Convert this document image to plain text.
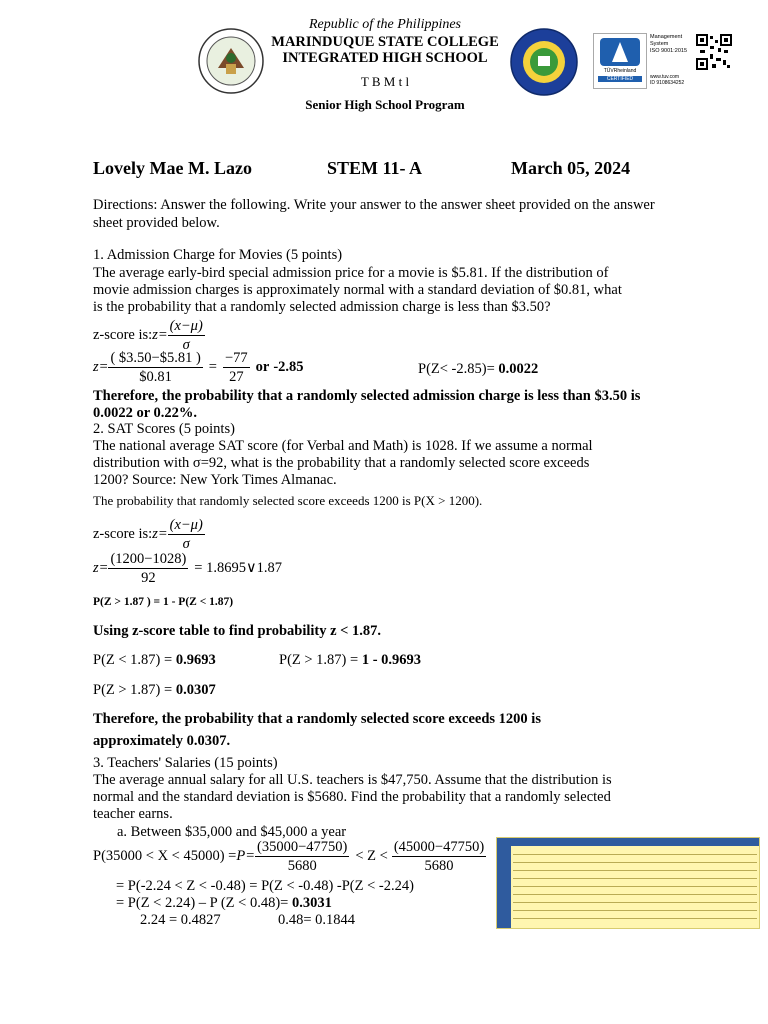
Republic of the Philippines
MARINDUQUE STATE COLLEGE
INTEGRATED HIGH SCHOOL
T B M t l
Senior High School Program
TÜVRheinland
CERTIFIED
Management
System
ISO 9001:2015
www.tuv.com
ID 9108634252
Lovely Mae M. Lazo	STEM 11- A	March 05, 2024
Directions: Answer the following. Write your answer to the answer sheet provided on the answer sheet provided below.
1. Admission Charge for Movies (5 points)
The average early-bird special admission price for a movie is $5.81. If the distribution of
movie admission charges is approximately normal with a standard deviation of $0.81, what
is the probability that a randomly selected admission charge is less than $3.50?
z-score is: $z= \frac{(x-\mu)}{\sigma}$
$z= \frac{( \$3.50-\$5.81 )}{\$0.81} = \frac{-77}{27}$ or -2.85	P(Z< -2.85)= 0.0022
Therefore, the probability that a randomly selected admission charge is less than $3.50 is
0.0022 or 0.22%.
2. SAT Scores (5 points)
The national average SAT score (for Verbal and Math) is 1028. If we assume a normal
distribution with σ=92, what is the probability that a randomly selected score exceeds
1200? Source: New York Times Almanac.
The probability that randomly selected score exceeds 1200 is P(X > 1200).
z-score is: $z= \frac{(x-\mu)}{\sigma}$
$z= \frac{(1200-1028)}{92}$ = 1.8695∨1.87
P(Z > 1.87 ) = 1 - P(Z < 1.87)
Using z-score table to find probability z < 1.87.
P(Z < 1.87) = 0.9693	P(Z > 1.87) = 1 - 0.9693
P(Z > 1.87) = 0.0307
Therefore, the probability that a randomly selected score exceeds 1200 is
approximately 0.0307.
3. Teachers' Salaries (15 points)
The average annual salary for all U.S. teachers is $47,750. Assume that the distribution is
normal and the standard deviation is $5680. Find the probability that a randomly selected
teacher earns.
a. Between $35,000 and $45,000 a year
$P(35000 < X < 45000) = P= \frac{(35000-47750)}{5680} < Z < \frac{(45000-47750)}{5680}$
= P(-2.24 < Z < -0.48) = P(Z < -0.48) -P(Z < -2.24)
= P(Z < 2.24) – P (Z < 0.48)= 0.3031
2.24 = 0.4827	0.48= 0.1844
